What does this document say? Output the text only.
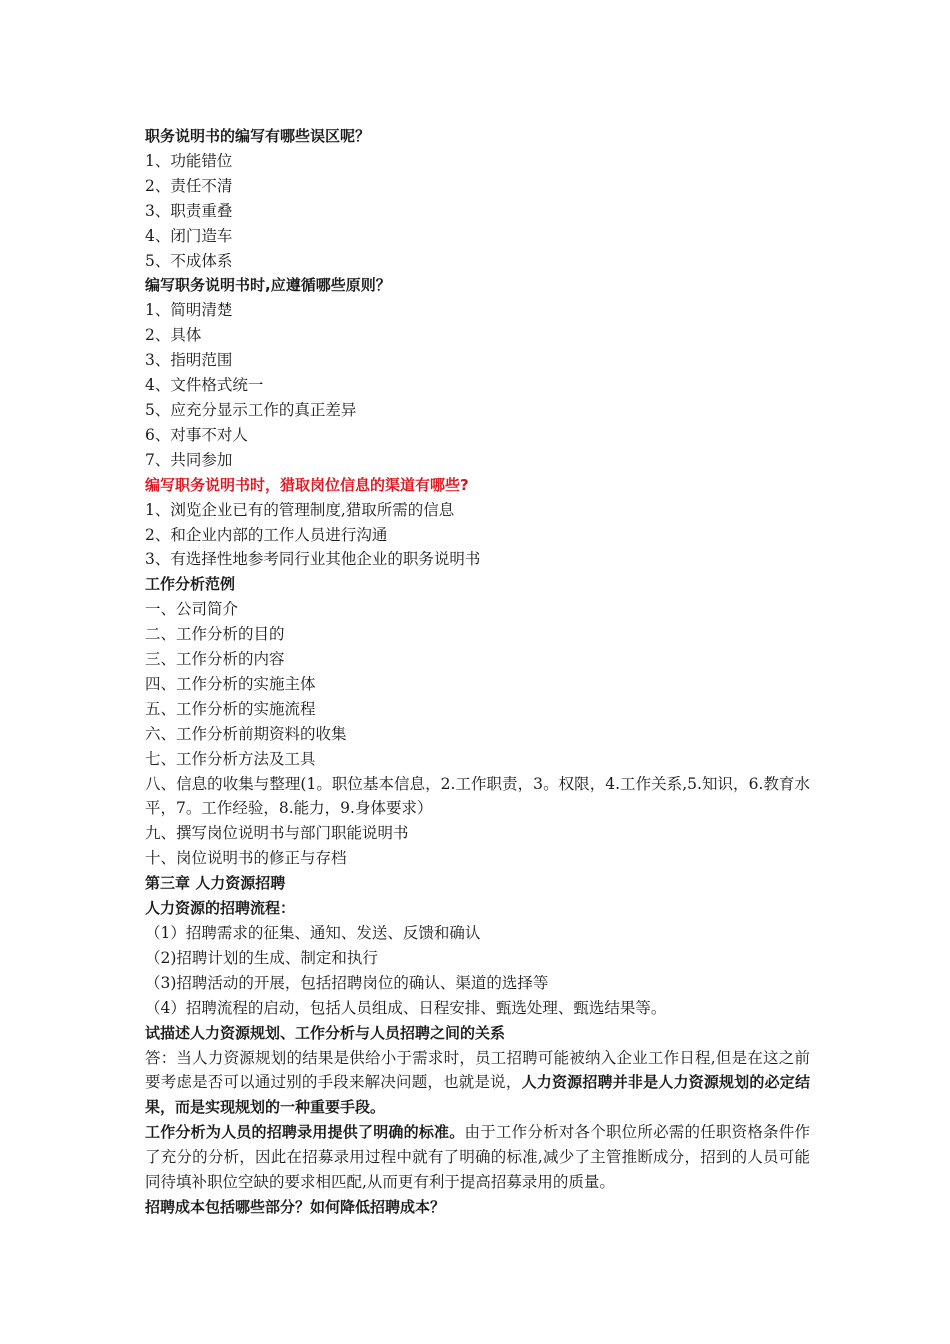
职务说明书的编写有哪些误区呢？

1、功能错位

2、责任不清

3、职责重叠

4、闭门造车

5、不成体系

编写职务说明书时,应遵循哪些原则？

1、简明清楚

2、具体

3、指明范围

4、文件格式统一

5、应充分显示工作的真正差异

6、对事不对人

7、共同参加

编写职务说明书时，猎取岗位信息的渠道有哪些?

1、浏览企业已有的管理制度,猎取所需的信息

2、和企业内部的工作人员进行沟通

3、有选择性地参考同行业其他企业的职务说明书

工作分析范例

一、公司简介

二、工作分析的目的

三、工作分析的内容

四、工作分析的实施主体

五、工作分析的实施流程

六、工作分析前期资料的收集

七、工作分析方法及工具

八、信息的收集与整理(1。职位基本信息，2.工作职责，3。权限，4.工作关系,5.知识，6.教育水平，7。工作经验，8.能力，9.身体要求）

九、撰写岗位说明书与部门职能说明书

十、岗位说明书的修正与存档

第三章 人力资源招聘

人力资源的招聘流程：

（1）招聘需求的征集、通知、发送、反馈和确认

（2)招聘计划的生成、制定和执行

（3)招聘活动的开展，包括招聘岗位的确认、渠道的选择等

（4）招聘流程的启动，包括人员组成、日程安排、甄选处理、甄选结果等。

试描述人力资源规划、工作分析与人员招聘之间的关系

答：当人力资源规划的结果是供给小于需求时，员工招聘可能被纳入企业工作日程,但是在这之前要考虑是否可以通过别的手段来解决问题，也就是说，人力资源招聘并非是人力资源规划的必定结果，而是实现规划的一种重要手段。

工作分析为人员的招聘录用提供了明确的标准。由于工作分析对各个职位所必需的任职资格条件作了充分的分析，因此在招募录用过程中就有了明确的标准,减少了主管推断成分，招到的人员可能同待填补职位空缺的要求相匹配,从而更有利于提高招募录用的质量。

招聘成本包括哪些部分？如何降低招聘成本？
